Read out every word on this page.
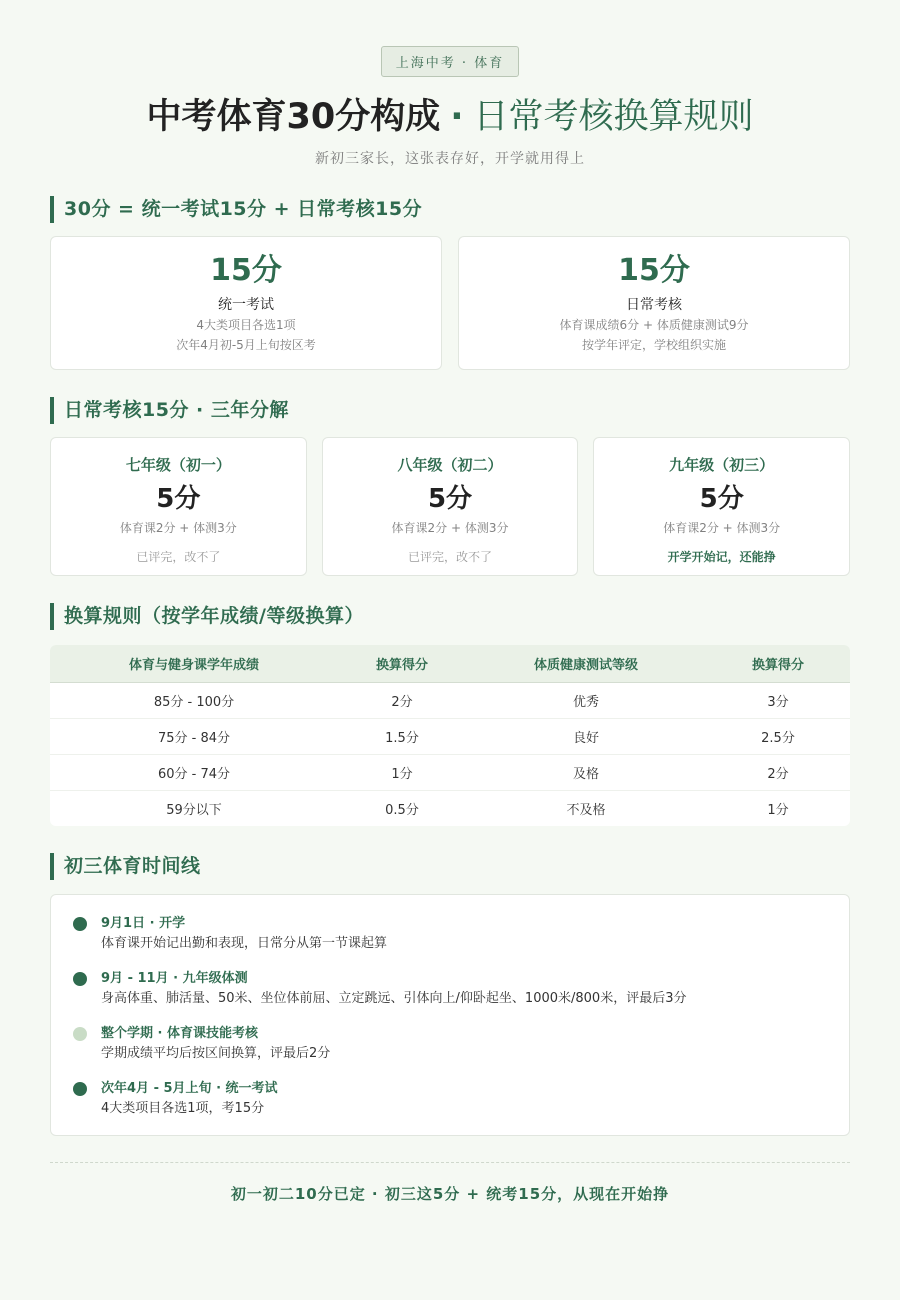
上海中考 · 体育
中考体育30分构成 · 日常考核换算规则
新初三家长，这张表存好，开学就用得上
30分 = 统一考试15分 + 日常考核15分
15分
统一考试
4大类项目各选1项
次年4月初-5月上旬按区考
15分
日常考核
体育课成绩6分 + 体质健康测试9分
按学年评定，学校组织实施
日常考核15分 · 三年分解
七年级（初一）
5分
体育课2分 + 体测3分
已评完，改不了
八年级（初二）
5分
体育课2分 + 体测3分
已评完，改不了
九年级（初三）
5分
体育课2分 + 体测3分
开学开始记，还能挣
换算规则（按学年成绩/等级换算）
体育与健身课学年成绩	换算得分	体质健康测试等级	换算得分
85分 - 100分	2分	优秀	3分
75分 - 84分	1.5分	良好	2.5分
60分 - 74分	1分	及格	2分
59分以下	0.5分	不及格	1分
初三体育时间线
9月1日 · 开学
体育课开始记出勤和表现，日常分从第一节课起算
9月 - 11月 · 九年级体测
身高体重、肺活量、50米、坐位体前屈、立定跳远、引体向上/仰卧起坐、1000米/800米，评最后3分
整个学期 · 体育课技能考核
学期成绩平均后按区间换算，评最后2分
次年4月 - 5月上旬 · 统一考试
4大类项目各选1项，考15分
初一初二10分已定 · 初三这5分 + 统考15分，从现在开始挣
